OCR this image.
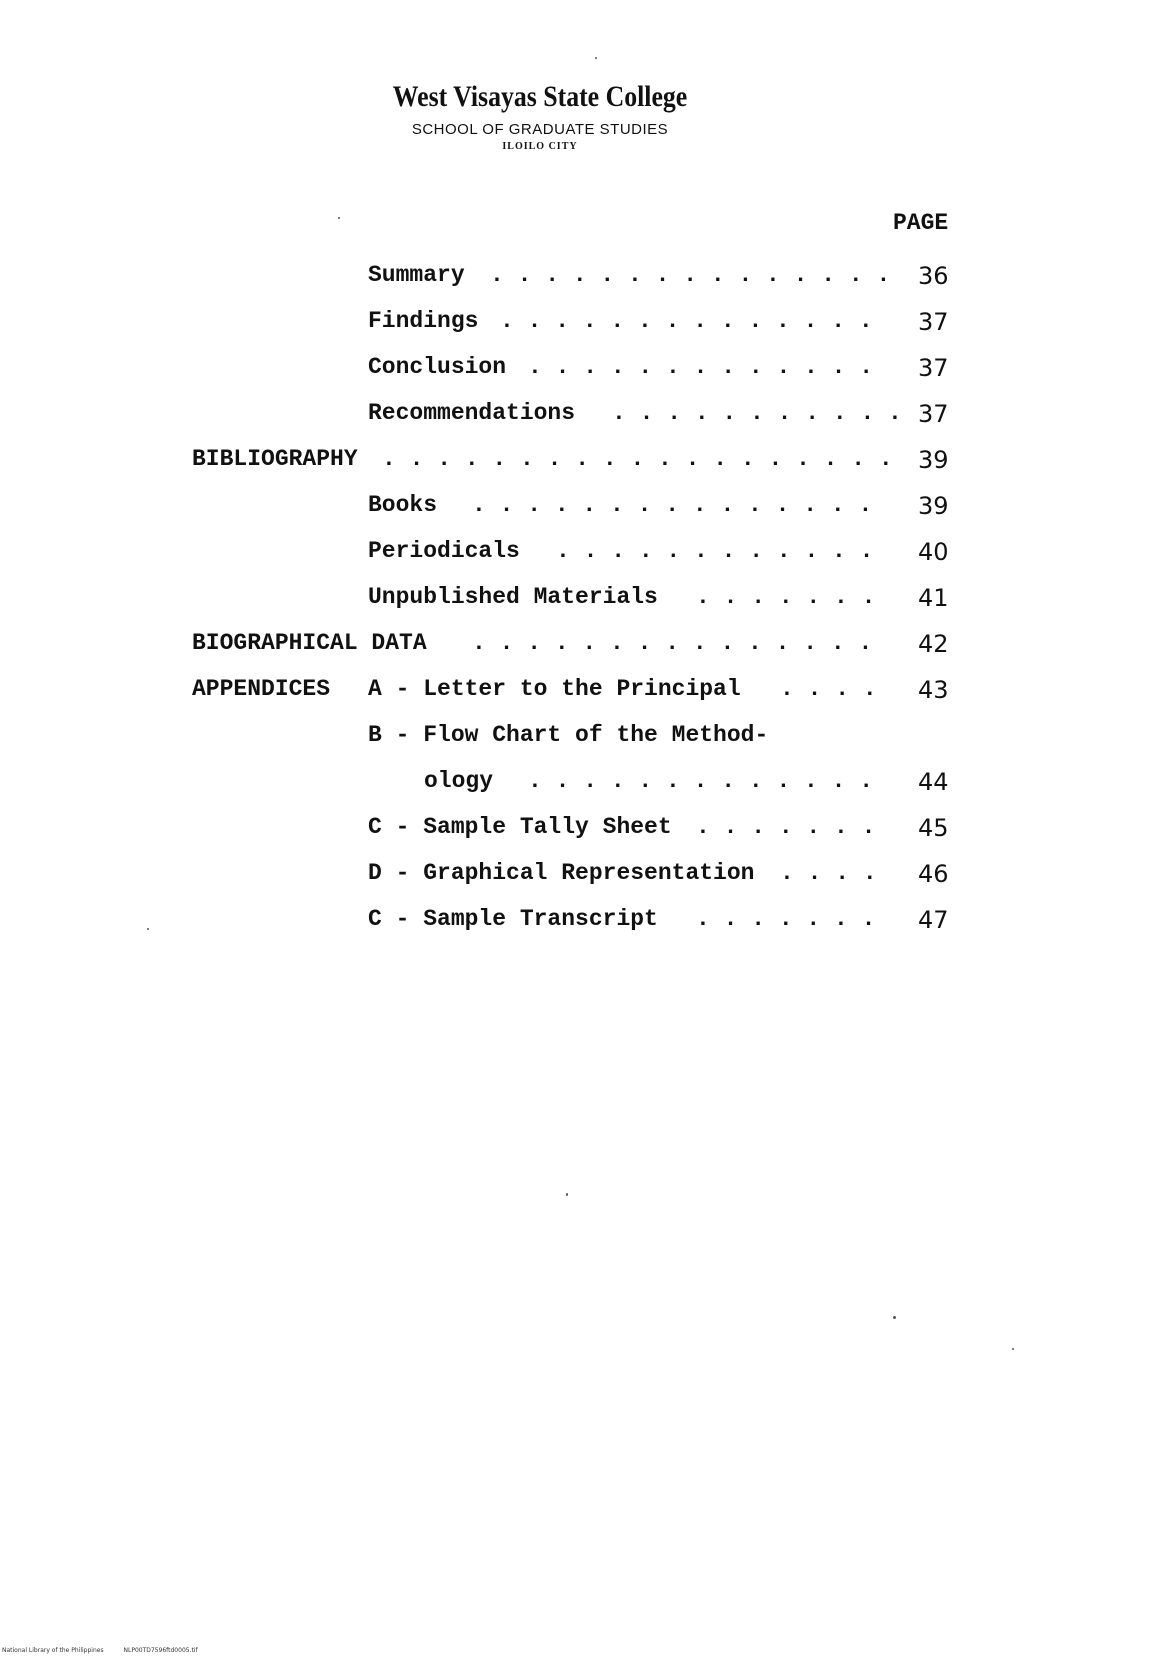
West Visayas State College
SCHOOL OF GRADUATE STUDIES
ILOILO CITY
PAGE
Summary . . . . . . . . . . . . . . . 36
Findings . . . . . . . . . . . . . . 37
Conclusion . . . . . . . . . . . . . 37
Recommendations . . . . . . . . . . . 37
BIBLIOGRAPHY . . . . . . . . . . . . . . . . . . . 39
Books . . . . . . . . . . . . . . . 39
Periodicals . . . . . . . . . . . . 40
Unpublished Materials . . . . . . . 41
BIOGRAPHICAL DATA . . . . . . . . . . . . . . . 42
APPENDICES A - Letter to the Principal . . . . 43
B - Flow Chart of the Method-
ology . . . . . . . . . . . . . 44
C - Sample Tally Sheet . . . . . . . 45
D - Graphical Representation . . . . 46
C - Sample Transcript . . . . . . . 47
National Library of the Philippines	NLP00TD7596ftd0005.tif
